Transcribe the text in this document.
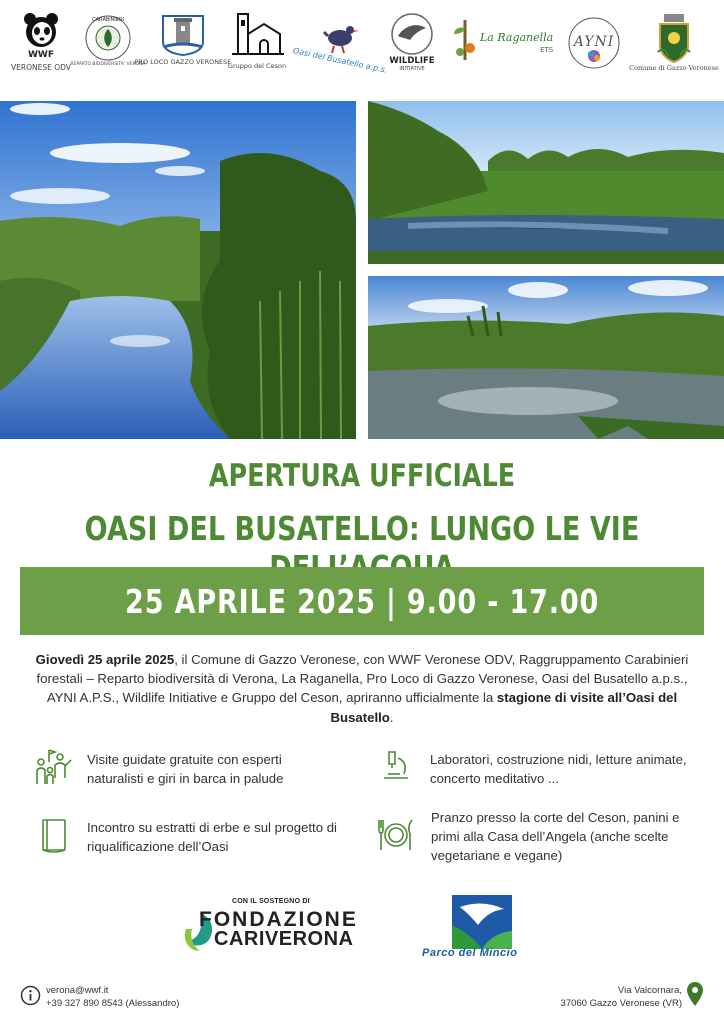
WWF
VERONESE ODV
CARABINIERI
REPARTO BIODIVERSITA' VERONA
PRO LOCO GAZZO VERONESE
Gruppo del Ceson Oasi del Busatello a.p.s. WILDLIFE
INITIATIVE
La Raganella
ETS	AYNI
Comune di Gazzo Veronese
APERTURA UFFICIALE
OASI DEL BUSATELLO: LUNGO LE VIE
25 APRILE 2025 | 9.00 - 17.00
Giovedì 25 aprile 2025, il Comune di Gazzo Veronese, con WWF Veronese ODV, Raggruppamento Carabinieri forestali – Reparto biodiversità di Verona, La Raganella, Pro Loco di Gazzo Veronese, Oasi del Busatello a.p.s., AYNI A.P.S., Wildlife Initiative e Gruppo del Ceson, apriranno ufficialmente la stagione di visite all’Oasi del Busatello.
Visite guidate gratuite con esperti naturalisti e giri in barca in palude
Laboratori, costruzione nidi, letture animate, concerto meditativo ...
Incontro su estratti di erbe e sul progetto di riqualificazione dell’Oasi
Pranzo presso la corte del Ceson, panini e primi alla Casa dell’Angela (anche scelte vegetariane e vegane)
CON IL SOSTEGNO DI
FONDAZIONE
CARIVERONA
Parco del Mincio
verona@wwf.it
+39 327 890 8543 (Alessandro)
Via Valcornara,
37060 Gazzo Veronese (VR)
